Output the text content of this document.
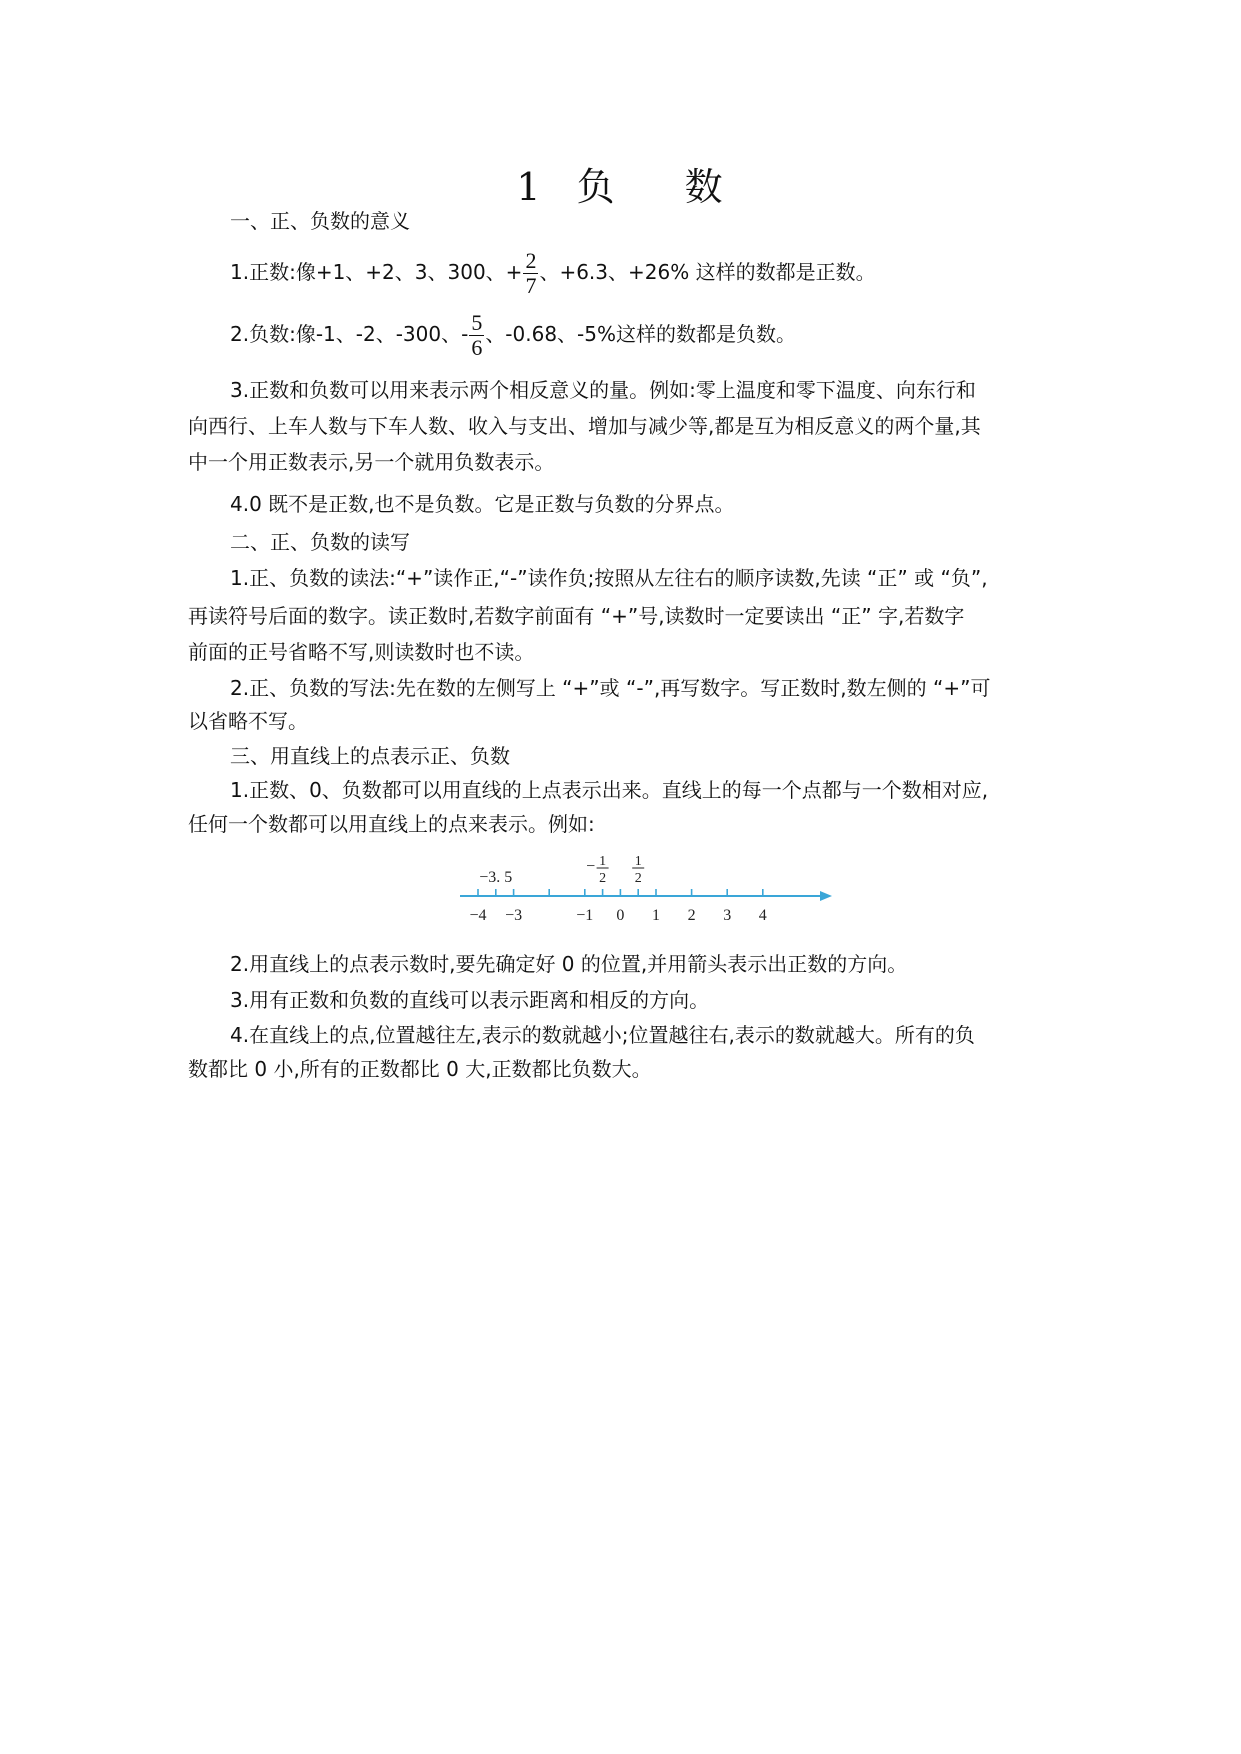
1 负 数
一、正、负数的意义
1.正数:像+1、+2、3、300、+ $\frac{2}{7}$ 、+6.3、+26% 这样的数都是正数。
2.负数:像-1、-2、-300、- $\frac{5}{6}$ 、-0.68、-5%这样的数都是负数。
3.正数和负数可以用来表示两个相反意义的量。例如:零上温度和零下温度、向东行和
向西行、上车人数与下车人数、收入与支出、增加与减少等,都是互为相反意义的两个量,其
中一个用正数表示,另一个就用负数表示。
4.0 既不是正数,也不是负数。它是正数与负数的分界点。
二、正、负数的读写
1.正、负数的读法:“+”读作正,“-”读作负;按照从左往右的顺序读数,先读 “正” 或 “负”,
再读符号后面的数字。读正数时,若数字前面有 “+”号,读数时一定要读出 “正” 字,若数字
前面的正号省略不写,则读数时也不读。
2.正、负数的写法:先在数的左侧写上 “+”或 “-”,再写数字。写正数时,数左侧的 “+”可
以省略不写。
三、用直线上的点表示正、负数
1.正数、0、负数都可以用直线的上点表示出来。直线上的每一个点都与一个数相对应,
任何一个数都可以用直线上的点来表示。例如:
−4 −3	−1 0 1 2 3 4
−3. 5
− 1
2
1
2
2.用直线上的点表示数时,要先确定好 0 的位置,并用箭头表示出正数的方向。
3.用有正数和负数的直线可以表示距离和相反的方向。
4.在直线上的点,位置越往左,表示的数就越小;位置越往右,表示的数就越大。所有的负
数都比 0 小,所有的正数都比 0 大,正数都比负数大。
